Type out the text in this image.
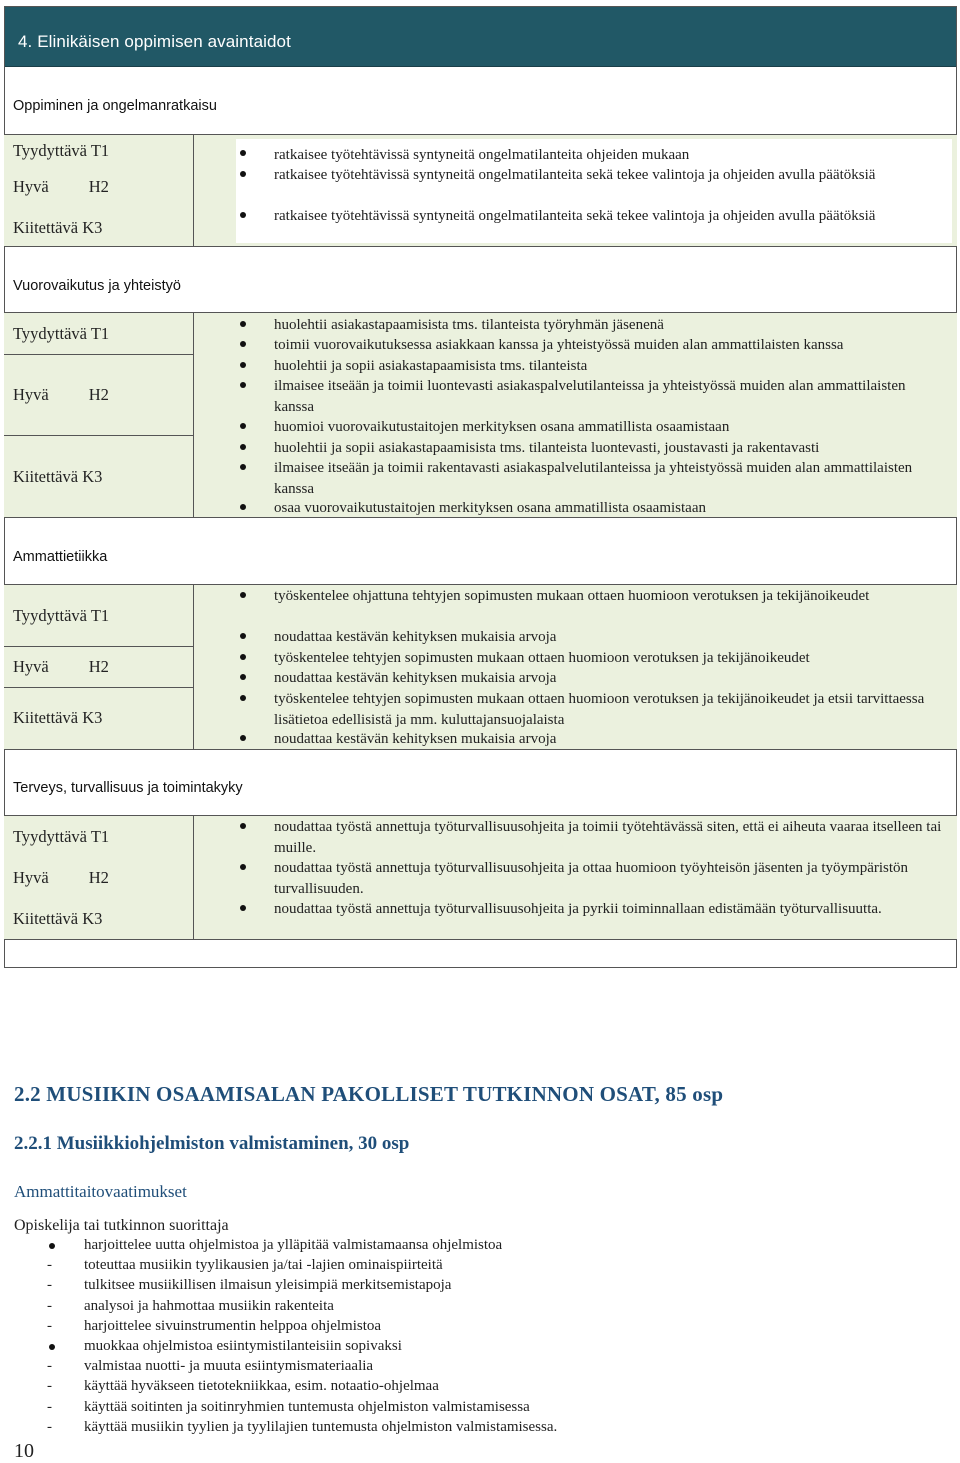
4. Elinikäisen oppimisen avaintaidot
Oppiminen ja ongelmanratkaisu
Tyydyttävä T1
Hyvä H2
Kiitettävä K3
ratkaisee työtehtävissä syntyneitä ongelmatilanteita ohjeiden mukaan
ratkaisee työtehtävissä syntyneitä ongelmatilanteita sekä tekee valintoja ja ohjeiden avulla päätöksiä
ratkaisee työtehtävissä syntyneitä ongelmatilanteita sekä tekee valintoja ja ohjeiden avulla päätöksiä
Vuorovaikutus ja yhteistyö
Tyydyttävä T1
Hyvä H2
Kiitettävä K3
huolehtii asiakastapaamisista tms. tilanteista työryhmän jäsenenä
toimii vuorovaikutuksessa asiakkaan kanssa ja yhteistyössä muiden alan ammattilaisten kanssa
huolehtii ja sopii asiakastapaamisista tms. tilanteista
ilmaisee itseään ja toimii luontevasti asiakaspalvelutilanteissa ja yhteistyössä muiden alan ammattilaisten kanssa
huomioi vuorovaikutustaitojen merkityksen osana ammatillista osaamistaan
huolehtii ja sopii asiakastapaamisista tms. tilanteista luontevasti, joustavasti ja rakentavasti
ilmaisee itseään ja toimii rakentavasti asiakaspalvelutilanteissa ja yhteistyössä muiden alan ammattilaisten kanssa
osaa vuorovaikutustaitojen merkityksen osana ammatillista osaamistaan
Ammattietiikka
Tyydyttävä T1
Hyvä H2
Kiitettävä K3
työskentelee ohjattuna tehtyjen sopimusten mukaan ottaen huomioon verotuksen ja tekijänoikeudet
noudattaa kestävän kehityksen mukaisia arvoja
työskentelee tehtyjen sopimusten mukaan ottaen huomioon verotuksen ja tekijänoikeudet
noudattaa kestävän kehityksen mukaisia arvoja
työskentelee tehtyjen sopimusten mukaan ottaen huomioon verotuksen ja tekijänoikeudet ja etsii tarvittaessa lisätietoa edellisistä ja mm. kuluttajansuojalaista
noudattaa kestävän kehityksen mukaisia arvoja
Terveys, turvallisuus ja toimintakyky
Tyydyttävä T1
Hyvä H2
Kiitettävä K3
noudattaa työstä annettuja työturvallisuusohjeita ja toimii työtehtävässä siten, että ei aiheuta vaaraa itselleen tai muille.
noudattaa työstä annettuja työturvallisuusohjeita ja ottaa huomioon työyhteisön jäsenten ja työympäristön turvallisuuden.
noudattaa työstä annettuja työturvallisuusohjeita ja pyrkii toiminnallaan edistämään työturvallisuutta.
2.2 MUSIIKIN OSAAMISALAN PAKOLLISET TUTKINNON OSAT, 85 osp
2.2.1 Musiikkiohjelmiston valmistaminen, 30 osp
Ammattitaitovaatimukset
Opiskelija tai tutkinnon suorittaja
harjoittelee uutta ohjelmistoa ja ylläpitää valmistamaansa ohjelmistoa
- toteuttaa musiikin tyylikausien ja/tai -lajien ominaispiirteitä
- tulkitsee musiikillisen ilmaisun yleisimpiä merkitsemistapoja
- analysoi ja hahmottaa musiikin rakenteita
- harjoittelee sivuinstrumentin helppoa ohjelmistoa
muokkaa ohjelmistoa esiintymistilanteisiin sopivaksi
- valmistaa nuotti- ja muuta esiintymismateriaalia
- käyttää hyväkseen tietotekniikkaa, esim. notaatio-ohjelmaa
- käyttää soitinten ja soitinryhmien tuntemusta ohjelmiston valmistamisessa
- käyttää musiikin tyylien ja tyylilajien tuntemusta ohjelmiston valmistamisessa.
10
